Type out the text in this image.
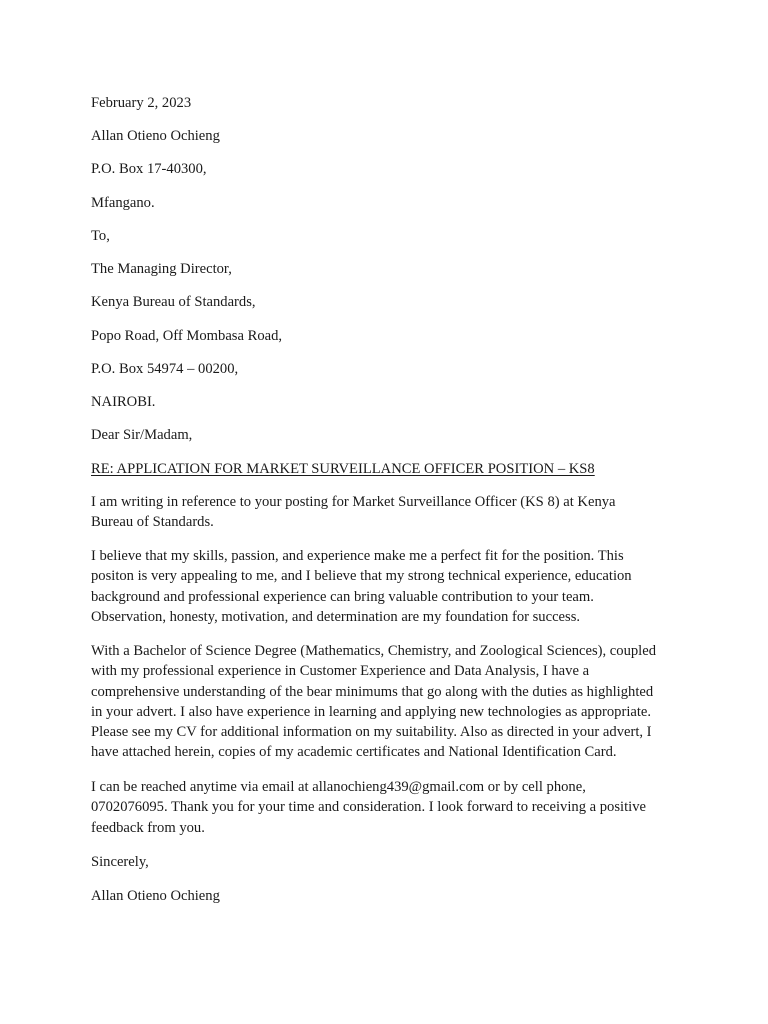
February 2, 2023

Allan Otieno Ochieng

P.O. Box 17-40300,

Mfangano.

To,

The Managing Director,

Kenya Bureau of Standards,

Popo Road, Off Mombasa Road,

P.O. Box 54974 – 00200,

NAIROBI.

Dear Sir/Madam,

RE: APPLICATION FOR MARKET SURVEILLANCE OFFICER POSITION – KS8

I am writing in reference to your posting for Market Surveillance Officer (KS 8) at Kenya
Bureau of Standards.
I believe that my skills, passion, and experience make me a perfect fit for the position. This
positon is very appealing to me, and I believe that my strong technical experience, education
background and professional experience can bring valuable contribution to your team.
Observation, honesty, motivation, and determination are my foundation for success.
With a Bachelor of Science Degree (Mathematics, Chemistry, and Zoological Sciences), coupled
with my professional experience in Customer Experience and Data Analysis, I have a
comprehensive understanding of the bear minimums that go along with the duties as highlighted
in your advert. I also have experience in learning and applying new technologies as appropriate.
Please see my CV for additional information on my suitability. Also as directed in your advert, I
have attached herein, copies of my academic certificates and National Identification Card.
I can be reached anytime via email at allanochieng439@gmail.com or by cell phone,
0702076095. Thank you for your time and consideration. I look forward to receiving a positive
feedback from you.

Sincerely,

Allan Otieno Ochieng
